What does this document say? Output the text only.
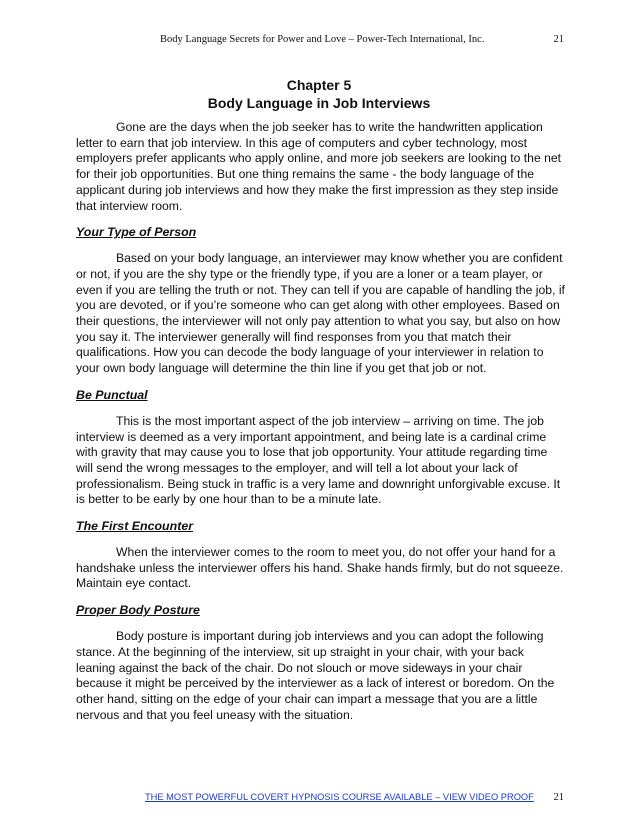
Body Language Secrets for Power and Love – Power-Tech International, Inc.	21
Chapter 5
Body Language in Job Interviews

Gone are the days when the job seeker has to write the handwritten application letter to earn that job interview. In this age of computers and cyber technology, most employers prefer applicants who apply online, and more job seekers are looking to the net for their job opportunities. But one thing remains the same - the body language of the applicant during job interviews and how they make the first impression as they step inside that interview room.

Your Type of Person

Based on your body language, an interviewer may know whether you are confident or not, if you are the shy type or the friendly type, if you are a loner or a team player, or even if you are telling the truth or not. They can tell if you are capable of handling the job, if you are devoted, or if you’re someone who can get along with other employees. Based on their questions, the interviewer will not only pay attention to what you say, but also on how you say it. The interviewer generally will find responses from you that match their qualifications. How you can decode the body language of your interviewer in relation to your own body language will determine the thin line if you get that job or not.

Be Punctual

This is the most important aspect of the job interview – arriving on time. The job interview is deemed as a very important appointment, and being late is a cardinal crime with gravity that may cause you to lose that job opportunity. Your attitude regarding time will send the wrong messages to the employer, and will tell a lot about your lack of professionalism. Being stuck in traffic is a very lame and downright unforgivable excuse. It is better to be early by one hour than to be a minute late.

The First Encounter

When the interviewer comes to the room to meet you, do not offer your hand for a handshake unless the interviewer offers his hand. Shake hands firmly, but do not squeeze. Maintain eye contact.

Proper Body Posture

Body posture is important during job interviews and you can adopt the following stance. At the beginning of the interview, sit up straight in your chair, with your back leaning against the back of the chair. Do not slouch or move sideways in your chair because it might be perceived by the interviewer as a lack of interest or boredom. On the other hand, sitting on the edge of your chair can impart a message that you are a little nervous and that you feel uneasy with the situation.

THE MOST POWERFUL COVERT HYPNOSIS COURSE AVAILABLE – VIEW VIDEO PROOF 21
